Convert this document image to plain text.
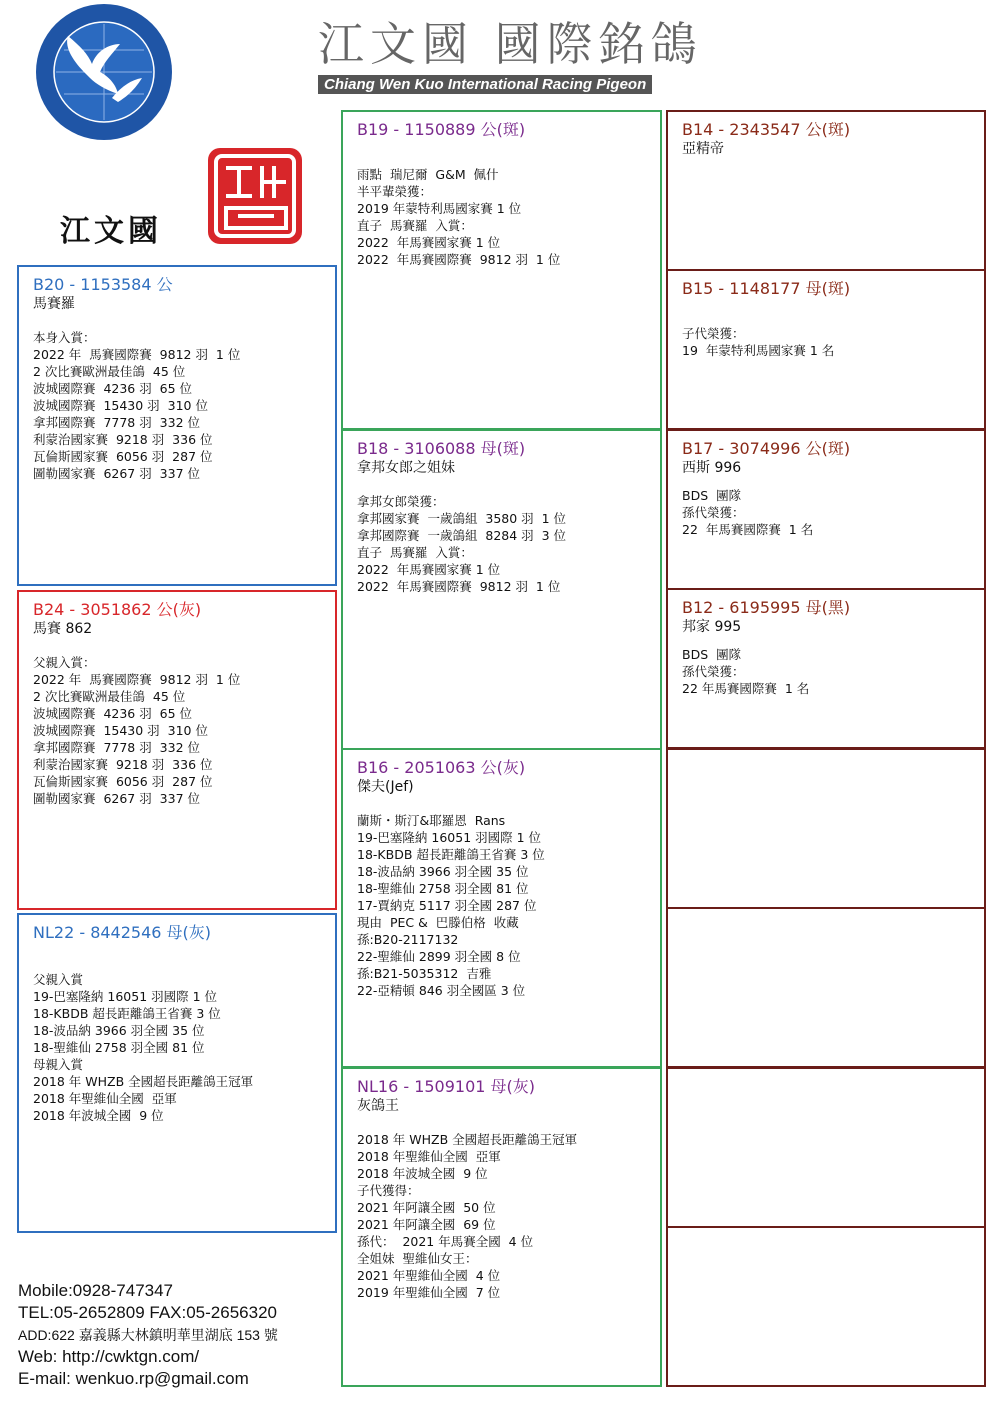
江文國 國際銘鴿
Chiang Wen Kuo International Racing Pigeon
江文國
B20 - 1153584 公
馬賽羅
本身入賞：
2022 年  馬賽國際賽  9812 羽  1 位
2 次比賽歐洲最佳鴿  45 位
波城國際賽  4236 羽  65 位
波城國際賽  15430 羽  310 位
拿邦國際賽  7778 羽  332 位
利蒙治國家賽  9218 羽  336 位
瓦倫斯國家賽  6056 羽  287 位
圖勒國家賽  6267 羽  337 位
B24 - 3051862 公(灰)
馬賽 862
父親入賞：
2022 年  馬賽國際賽  9812 羽  1 位
2 次比賽歐洲最佳鴿  45 位
波城國際賽  4236 羽  65 位
波城國際賽  15430 羽  310 位
拿邦國際賽  7778 羽  332 位
利蒙治國家賽  9218 羽  336 位
瓦倫斯國家賽  6056 羽  287 位
圖勒國家賽  6267 羽  337 位
NL22 - 8442546 母(灰)
父親入賞
19-巴塞隆納 16051 羽國際 1 位
18-KBDB 超長距離鴿王省賽 3 位
18-波品納 3966 羽全國 35 位
18-聖維仙 2758 羽全國 81 位
母親入賞
2018 年 WHZB 全國超長距離鴿王冠軍
2018 年聖維仙全國  亞軍
2018 年波城全國  9 位
B19 - 1150889 公(斑)
雨點  瑞尼爾  G&M  佩什
半平輩榮獲：
2019 年蒙特利馬國家賽 1 位
直子  馬賽羅  入賞：
2022  年馬賽國家賽 1 位
2022  年馬賽國際賽  9812 羽  1 位
B18 - 3106088 母(斑)
拿邦女郎之姐妹
拿邦女郎榮獲：
拿邦國家賽  一歲鴿組  3580 羽  1 位
拿邦國際賽  一歲鴿組  8284 羽  3 位
直子  馬賽羅  入賞：
2022  年馬賽國家賽 1 位
2022  年馬賽國際賽  9812 羽  1 位
B16 - 2051063 公(灰)
傑夫(Jef)
蘭斯・斯汀&耶羅恩  Rans
19-巴塞隆納 16051 羽國際 1 位
18-KBDB 超長距離鴿王省賽 3 位
18-波品納 3966 羽全國 35 位
18-聖維仙 2758 羽全國 81 位
17-賈納克 5117 羽全國 287 位
現由  PEC &  巴滕伯格  收藏
孫:B20-2117132
22-聖維仙 2899 羽全國 8 位
孫:B21-5035312  吉雅
22-亞精頓 846 羽全國區 3 位
NL16 - 1509101 母(灰)
灰鴿王
2018 年 WHZB 全國超長距離鴿王冠軍
2018 年聖維仙全國  亞軍
2018 年波城全國  9 位
子代獲得：
2021 年阿讓全國  50 位
2021 年阿讓全國  69 位
孫代：  2021 年馬賽全國  4 位
全姐妹  聖維仙女王：
2021 年聖維仙全國  4 位
2019 年聖維仙全國  7 位
B14 - 2343547 公(斑)
亞精帝
B15 - 1148177 母(斑)
子代榮獲：
19  年蒙特利馬國家賽 1 名
B17 - 3074996 公(斑)
西斯 996
BDS  團隊
孫代榮獲：
22  年馬賽國際賽  1 名
B12 - 6195995 母(黑)
邦家 995
BDS  團隊
孫代榮獲：
22 年馬賽國際賽  1 名
Mobile:0928-747347
TEL:05-2652809 FAX:05-2656320
ADD:622 嘉義縣大林鎮明華里湖底 153 號
Web: http://cwktgn.com/
E-mail: wenkuo.rp@gmail.com
